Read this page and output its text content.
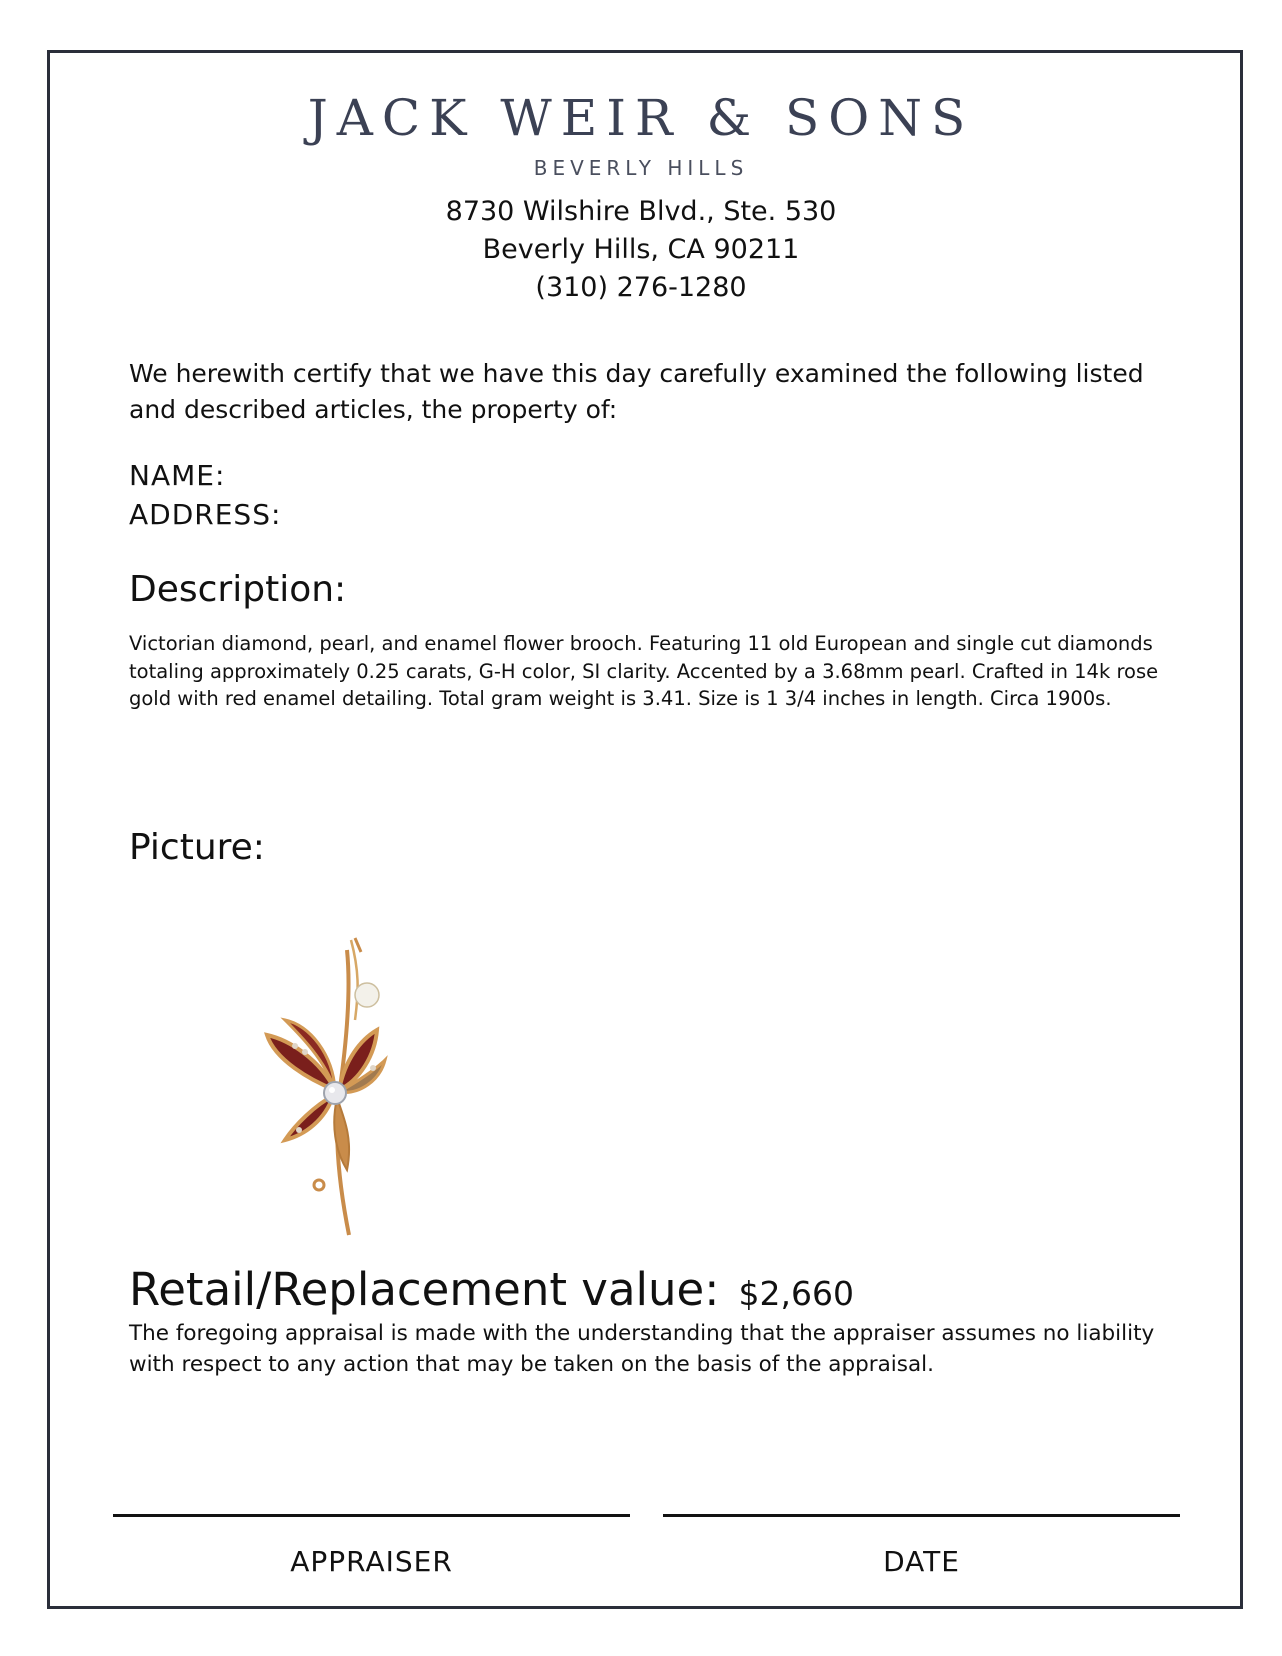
JACK WEIR & SONS
BEVERLY HILLS
8730 Wilshire Blvd., Ste. 530
Beverly Hills, CA 90211
(310) 276-1280
We herewith certify that we have this day carefully examined the following listed and described articles, the property of:
NAME:
ADDRESS:
Description:
Victorian diamond, pearl, and enamel flower brooch. Featuring 11 old European and single cut diamonds totaling approximately 0.25 carats, G-H color, SI clarity. Accented by a 3.68mm pearl. Crafted in 14k rose gold with red enamel detailing. Total gram weight is 3.41. Size is 1 3/4 inches in length. Circa 1900s.
Picture:
Retail/Replacement value: $2,660
The foregoing appraisal is made with the understanding that the appraiser assumes no liability with respect to any action that may be taken on the basis of the appraisal.
APPRAISER	DATE
